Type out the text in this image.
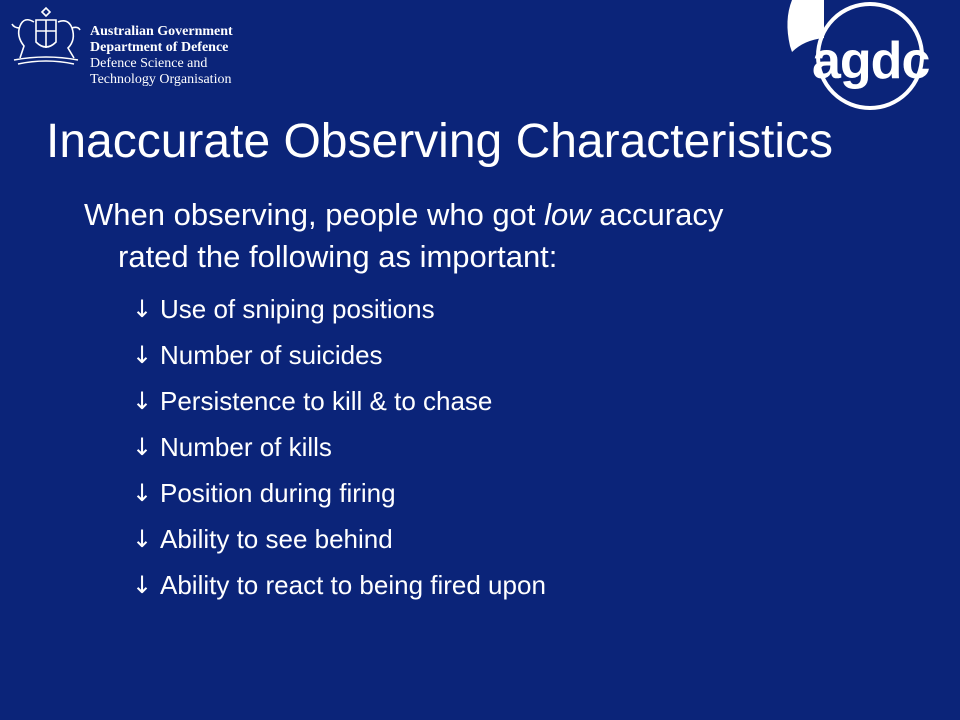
Australian Government
Department of Defence
Defence Science and
Technology Organisation	agdc
Inaccurate Observing Characteristics

When observing, people who got low accuracy
rated the following as important:

↓ Use of sniping positions
↓ Number of suicides
↓ Persistence to kill & to chase
↓ Number of kills
↓ Position during firing
↓ Ability to see behind
↓ Ability to react to being fired upon
